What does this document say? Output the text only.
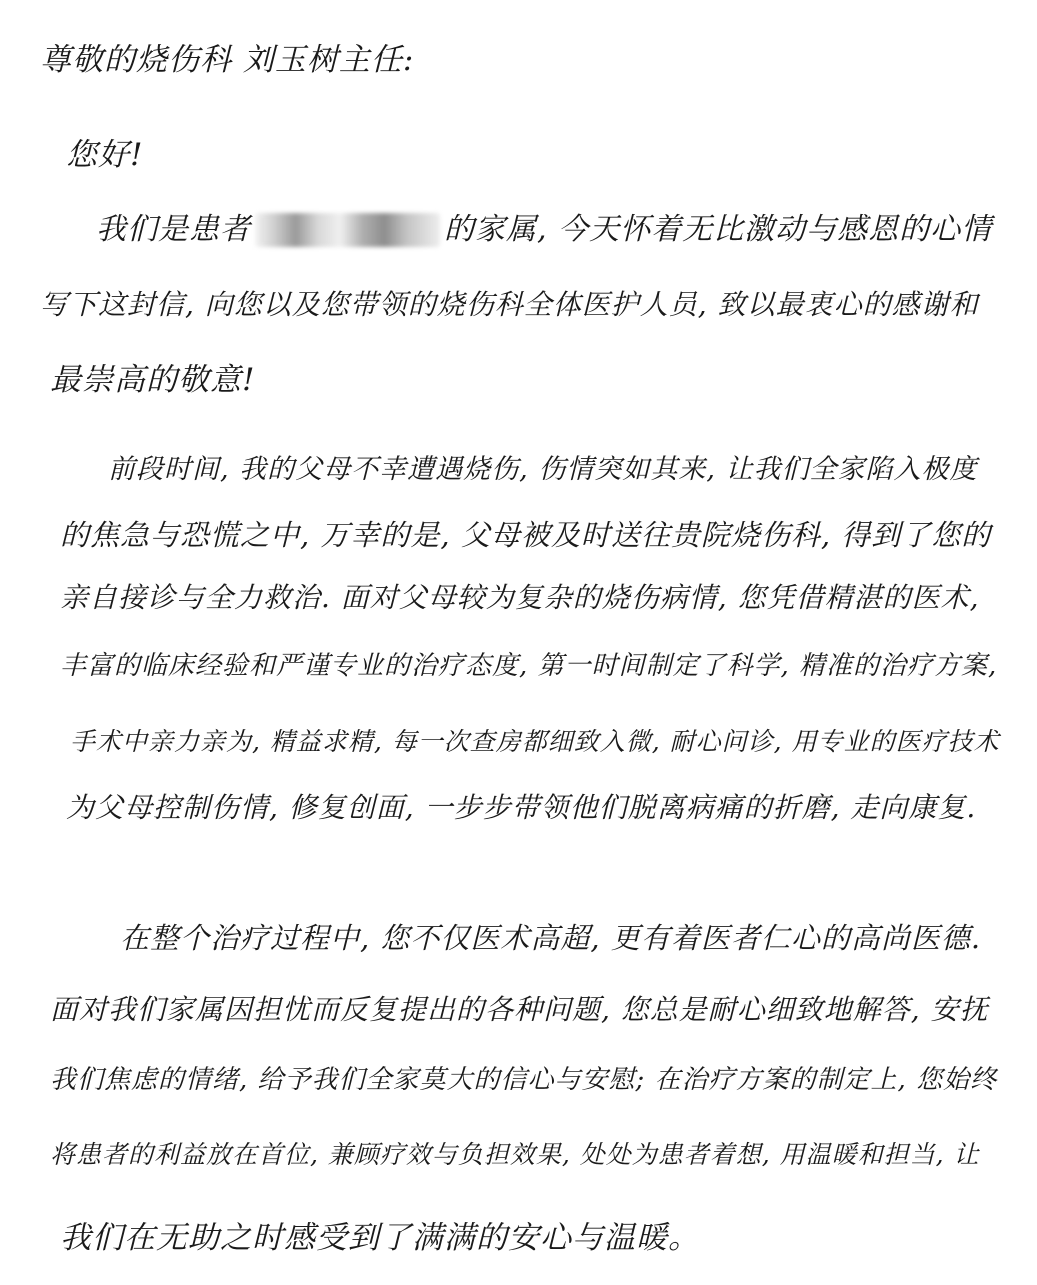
尊敬的烧伤科 刘玉树主任:
您好!
我们是患者	的家属, 今天怀着无比激动与感恩的心情
写下这封信, 向您以及您带领的烧伤科全体医护人员, 致以最衷心的感谢和
最崇高的敬意!
前段时间, 我的父母不幸遭遇烧伤, 伤情突如其来, 让我们全家陷入极度
的焦急与恐慌之中, 万幸的是, 父母被及时送往贵院烧伤科, 得到了您的
亲自接诊与全力救治. 面对父母较为复杂的烧伤病情, 您凭借精湛的医术,
丰富的临床经验和严谨专业的治疗态度, 第一时间制定了科学, 精准的治疗方案,
手术中亲力亲为, 精益求精, 每一次查房都细致入微, 耐心问诊, 用专业的医疗技术
为父母控制伤情, 修复创面, 一步步带领他们脱离病痛的折磨, 走向康复.
在整个治疗过程中, 您不仅医术高超, 更有着医者仁心的高尚医德.
面对我们家属因担忧而反复提出的各种问题, 您总是耐心细致地解答, 安抚
我们焦虑的情绪, 给予我们全家莫大的信心与安慰; 在治疗方案的制定上, 您始终
将患者的利益放在首位, 兼顾疗效与负担效果, 处处为患者着想, 用温暖和担当, 让
我们在无助之时感受到了满满的安心与温暖。
